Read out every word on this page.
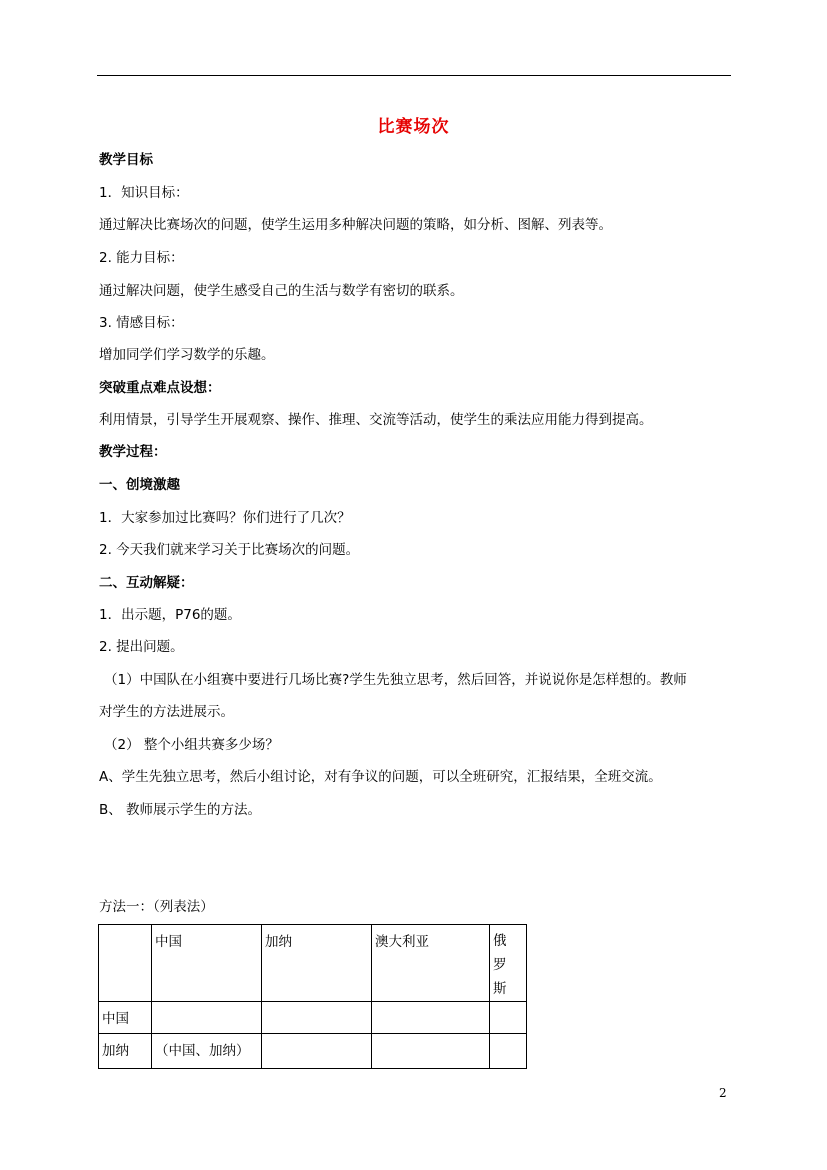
比赛场次
教学目标
1．知识目标：
通过解决比赛场次的问题，使学生运用多种解决问题的策略，如分析、图解、列表等。
2. 能力目标：
通过解决问题，使学生感受自己的生活与数学有密切的联系。
3. 情感目标：
增加同学们学习数学的乐趣。
突破重点难点设想：
利用情景，引导学生开展观察、操作、推理、交流等活动，使学生的乘法应用能力得到提高。
教学过程：
一、创境激趣
1．大家参加过比赛吗？你们进行了几次？
2. 今天我们就来学习关于比赛场次的问题。
二、互动解疑：
1．出示题，P76的题。
2. 提出问题。
（1）中国队在小组赛中要进行几场比赛?学生先独立思考，然后回答，并说说你是怎样想的。教师
对学生的方法进展示。
（2） 整个小组共赛多少场？
A、学生先独立思考，然后小组讨论，对有争议的问题，可以全班研究，汇报结果，全班交流。
B、 教师展示学生的方法。
方法一：（列表法）
	中国	加纳	澳大利亚	俄 罗
斯

中国				
加纳	（中国、加纳）			
2
